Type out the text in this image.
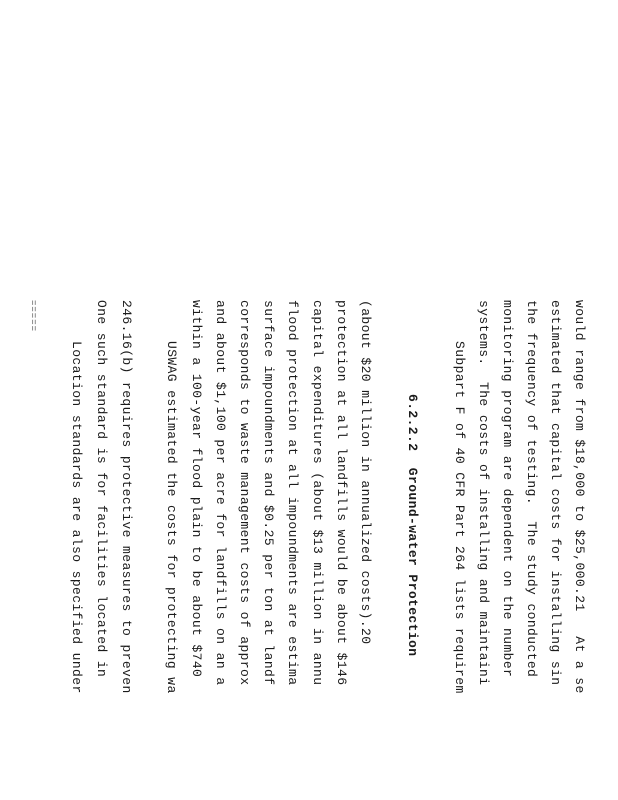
===== Location standards are also specified under One such standard is for facilities located in 246.16(b) requires protective measures to preven USWAG estimated the costs for protecting wa within a 100-year flood plain to be about $740 and about $1,100 per acre for landfills on an a corresponds to waste management costs of approx surface impoundments and $0.25 per ton at landf flood protection at all impoundments are estima capital expenditures (about $13 million in annu protection at all landfills would be about $146 (about $20 million in annualized costs).20 6.2.2.2  Ground-water Protection Subpart F of 40 CFR Part 264 lists requirem systems.  The costs of installing and maintaini monitoring program are dependent on the number the frequency of testing.  The study conducted estimated that capital costs for installing sin would range from $18,000 to $25,000.21   At a se
